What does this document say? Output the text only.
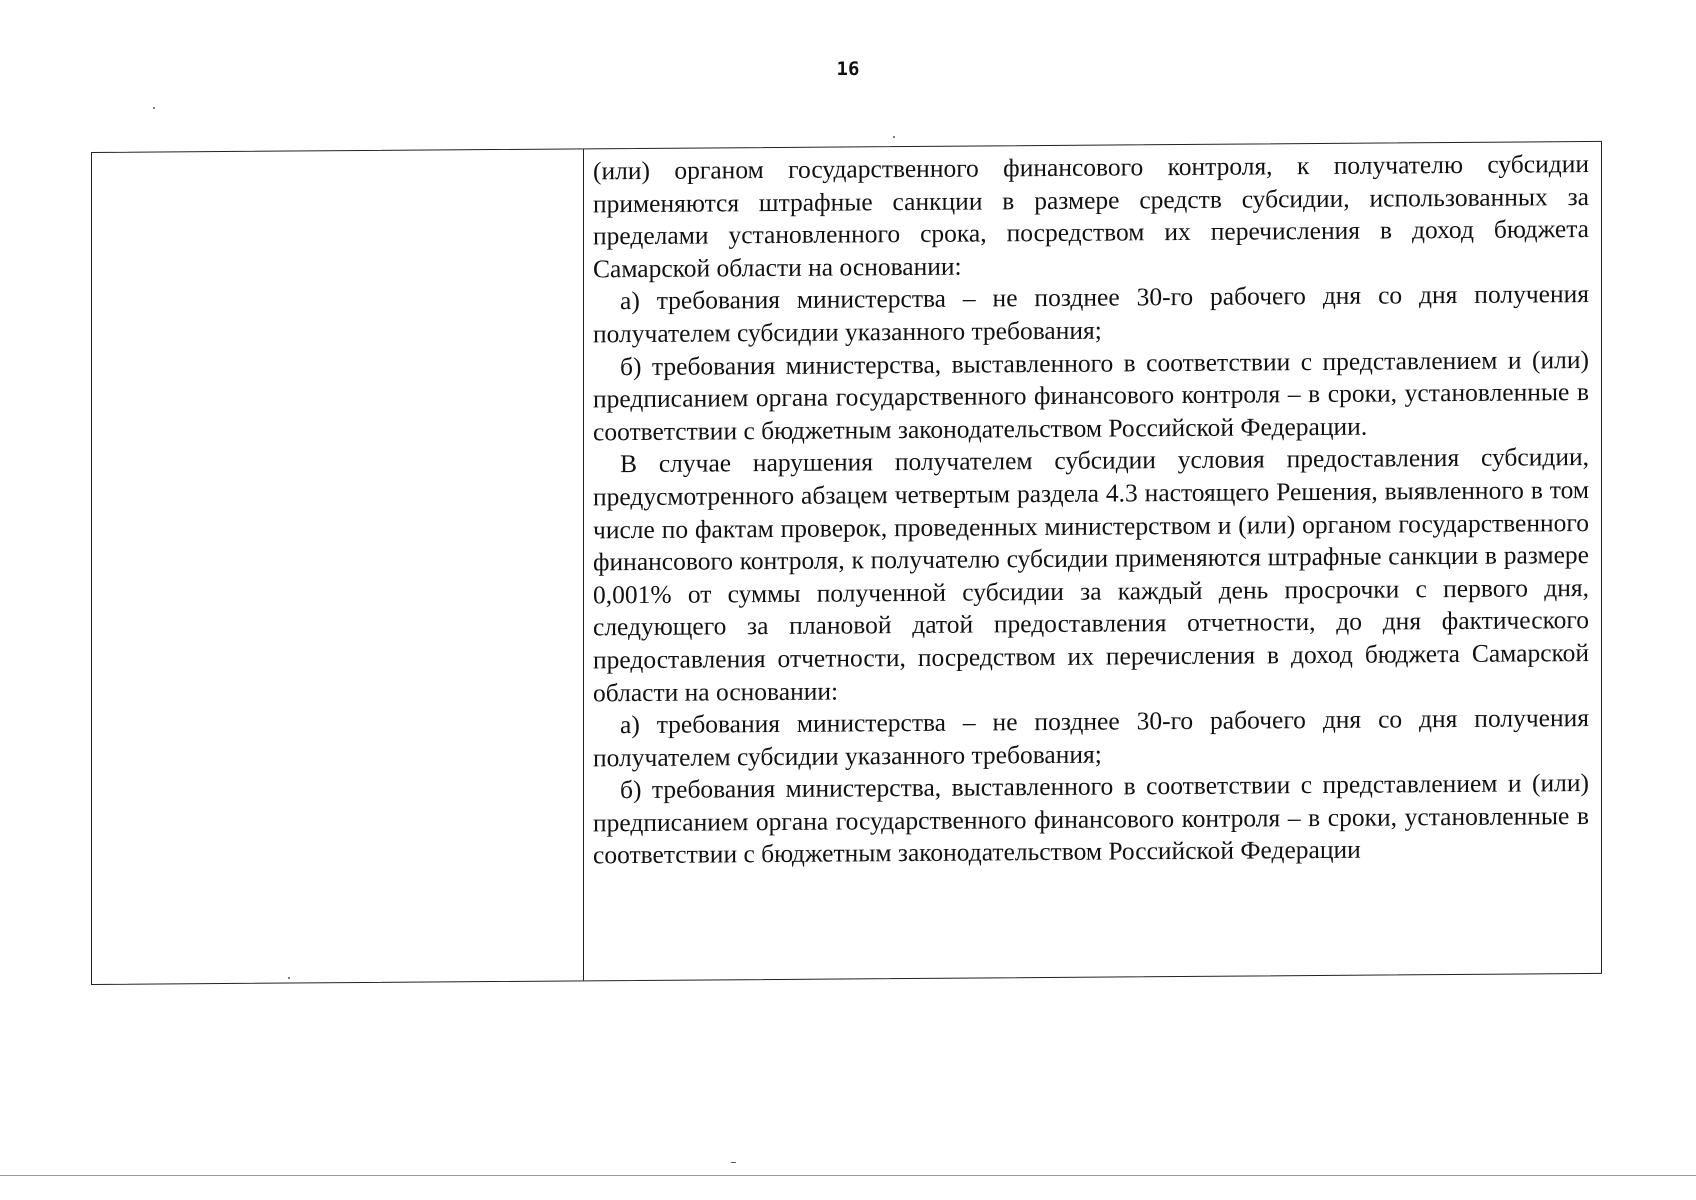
16

(или) органом государственного финансового контроля, к получателю субсидии применяются штрафные санкции в размере средств субсидии, использованных за пределами установленного срока, посредством их перечисления в доход бюджета Самарской области на основании:

а) требования министерства – не позднее 30-го рабочего дня со дня получения получателем субсидии указанного требования;

б) требования министерства, выставленного в соответствии с представлением и (или) предписанием органа государственного финансового контроля – в сроки, установленные в соответствии с бюджетным законодательством Российской Федерации.

В случае нарушения получателем субсидии условия предоставления субсидии, предусмотренного абзацем четвертым раздела 4.3 настоящего Решения, выявленного в том числе по фактам проверок, проведенных министерством и (или) органом государственного финансового контроля, к получателю субсидии применяются штрафные санкции в размере 0,001% от суммы полученной субсидии за каждый день просрочки с первого дня, следующего за плановой датой предоставления отчетности, до дня фактического предоставления отчетности, посредством их перечисления в доход бюджета Самарской области на основании:

а) требования министерства – не позднее 30-го рабочего дня со дня получения получателем субсидии указанного требования;

б) требования министерства, выставленного в соответствии с представлением и (или) предписанием органа государственного финансового контроля – в сроки, установленные в соответствии с бюджетным законодательством Российской Федерации
